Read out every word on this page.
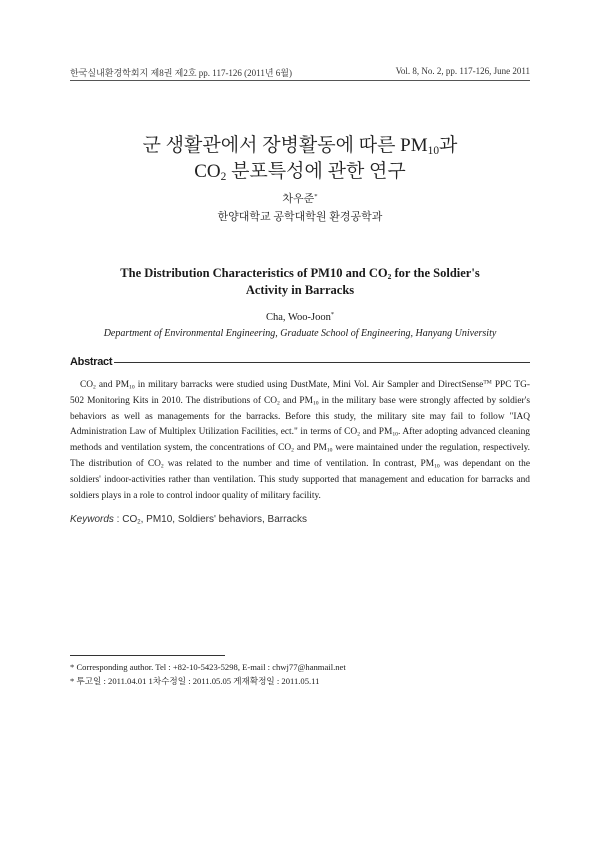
한국실내환경학회지 제8권 제2호 pp. 117-126 (2011년 6월)	Vol. 8, No. 2, pp. 117-126, June 2011
군 생활관에서 장병활동에 따른 $PM_{10}$과
$CO_2$ 분포특성에 관한 연구
차우준*
한양대학교 공학대학원 환경공학과
The Distribution Characteristics of PM10 and $CO_2$ for the Soldier's
Activity in Barracks
Cha, Woo-Joon*
Department of Environmental Engineering, Graduate School of Engineering, Hanyang University
Abstract

$CO_2$ and $PM_{10}$ in military barracks were studied using DustMate, Mini Vol. Air Sampler and DirectSense™ PPC TG-502 Monitoring Kits in 2010. The distributions of $CO_2$ and $PM_{10}$ in the military base were strongly affected by soldier's behaviors as well as managements for the barracks. Before this study, the military site may fail to follow "IAQ Administration Law of Multiplex Utilization Facilities, ect." in terms of $CO_2$ and $PM_{10}$. After adopting advanced cleaning methods and ventilation system, the concentrations of $CO_2$ and $PM_{10}$ were maintained under the regulation, respectively. The distribution of $CO_2$ was related to the number and time of ventilation. In contrast, $PM_{10}$ was dependant on the soldiers' indoor-activities rather than ventilation. This study supported that management and education for barracks and soldiers plays in a role to control indoor quality of military facility.

Keywords : $CO_2$, PM10, Soldiers' behaviors, Barracks
* Corresponding author. Tel : +82-10-5423-5298, E-mail : chwj77@hanmail.net
* 투고일 : 2011.04.01 1차수정일 : 2011.05.05 게재확정일 : 2011.05.11
